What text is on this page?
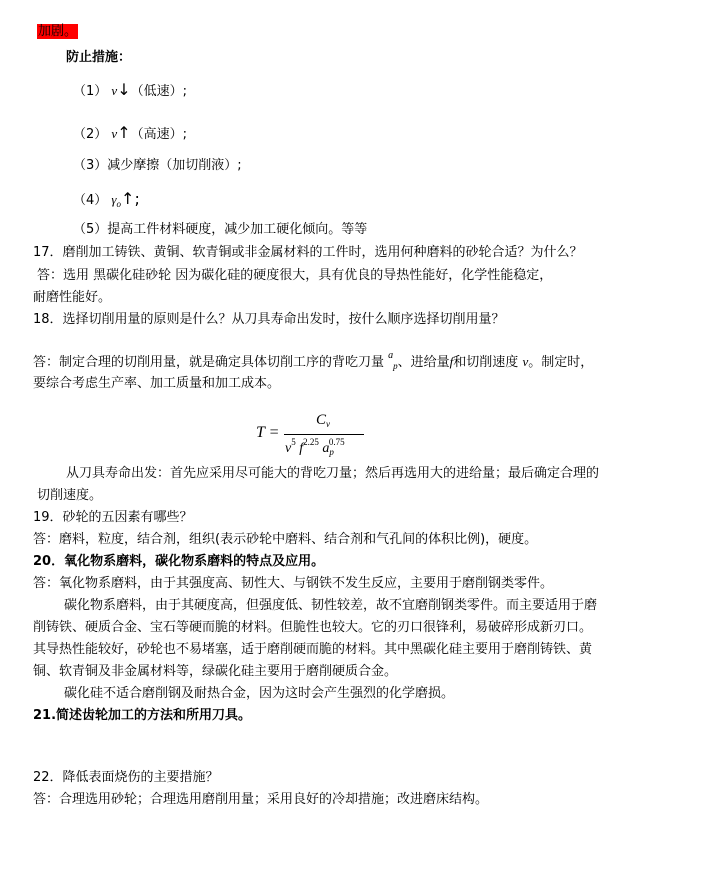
加剧。
防止措施：
（1） v↓（低速）;
（2） v↑（高速）;
（3）减少摩擦（加切削液）;
（4） $\gamma_o↑$;
（5）提高工件材料硬度，减少加工硬化倾向。等等
17．磨削加工铸铁、黄铜、软青铜或非金属材料的工件时，选用何种磨料的砂轮合适？为什么？
答：选用 黑碳化硅砂轮 因为碳化硅的硬度很大，具有优良的导热性能好，化学性能稳定，
耐磨性能好。
18．选择切削用量的原则是什么？从刀具寿命出发时，按什么顺序选择切削用量？
答：制定合理的切削用量，就是确定具体切削工序的背吃刀量 $^a_p$、进给量f和切削速度 v。制定时，
要综合考虑生产率、加工质量和加工成本。
T =
$C_v$
$v^5$ $f^{2.25}$ $a_p^{0.75}$
从刀具寿命出发：首先应采用尽可能大的背吃刀量；然后再选用大的进给量；最后确定合理的
切削速度。
19．砂轮的五因素有哪些？
答：磨料，粒度，结合剂，组织(表示砂轮中磨料、结合剂和气孔间的体积比例)，硬度。
20．氧化物系磨料，碳化物系磨料的特点及应用。
答：氧化物系磨料，由于其强度高、韧性大、与钢铁不发生反应，主要用于磨削钢类零件。
碳化物系磨料，由于其硬度高，但强度低、韧性较差，故不宜磨削钢类零件。而主要适用于磨
削铸铁、硬质合金、宝石等硬而脆的材料。但脆性也较大。它的刃口很锋利，易破碎形成新刃口。
其导热性能较好，砂轮也不易堵塞，适于磨削硬而脆的材料。其中黑碳化硅主要用于磨削铸铁、黄
铜、软青铜及非金属材料等，绿碳化硅主要用于磨削硬质合金。
碳化硅不适合磨削钢及耐热合金，因为这时会产生强烈的化学磨损。
21.简述齿轮加工的方法和所用刀具。
22．降低表面烧伤的主要措施？
答：合理选用砂轮；合理选用磨削用量；采用良好的冷却措施；改进磨床结构。
